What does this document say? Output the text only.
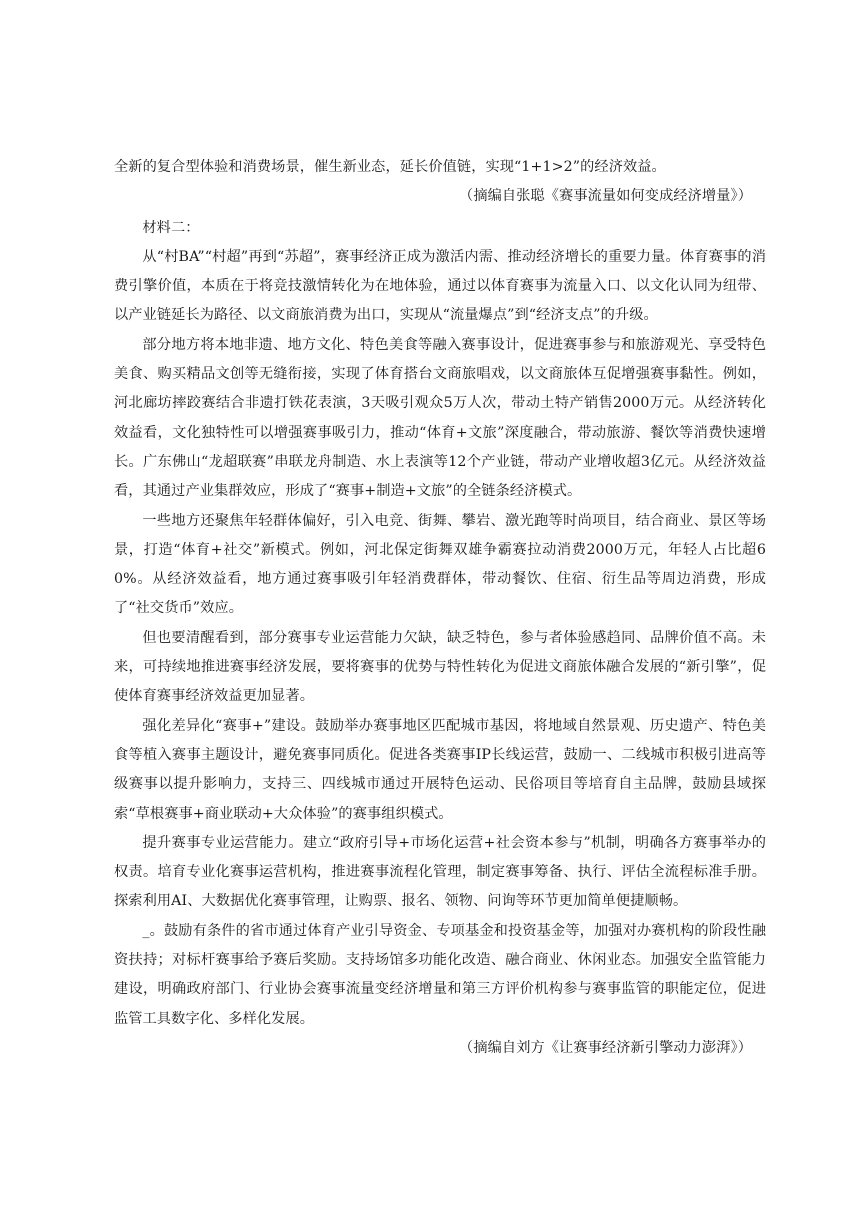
全新的复合型体验和消费场景，催生新业态，延长价值链，实现“1+1>2”的经济效益。

（摘编自张聪《赛事流量如何变成经济增量》）

材料二：

从“村BA”“村超”再到“苏超”，赛事经济正成为激活内需、推动经济增长的重要力量。体育赛事的消费引擎价值，本质在于将竞技激情转化为在地体验，通过以体育赛事为流量入口、以文化认同为纽带、以产业链延长为路径、以文商旅消费为出口，实现从“流量爆点”到“经济支点”的升级。

部分地方将本地非遗、地方文化、特色美食等融入赛事设计，促进赛事参与和旅游观光、享受特色美食、购买精品文创等无缝衔接，实现了体育搭台文商旅唱戏，以文商旅体互促增强赛事黏性。例如，河北廊坊摔跤赛结合非遗打铁花表演，3天吸引观众5万人次，带动土特产销售2000万元。从经济转化效益看，文化独特性可以增强赛事吸引力，推动“体育+文旅”深度融合，带动旅游、餐饮等消费快速增长。广东佛山“龙超联赛”串联龙舟制造、水上表演等12个产业链，带动产业增收超3亿元。从经济效益看，其通过产业集群效应，形成了“赛事+制造+文旅”的全链条经济模式。

一些地方还聚焦年轻群体偏好，引入电竞、街舞、攀岩、激光跑等时尚项目，结合商业、景区等场景，打造“体育+社交”新模式。例如，河北保定街舞双雄争霸赛拉动消费2000万元，年轻人占比超60%。从经济效益看，地方通过赛事吸引年轻消费群体，带动餐饮、住宿、衍生品等周边消费，形成了“社交货币”效应。

但也要清醒看到，部分赛事专业运营能力欠缺，缺乏特色，参与者体验感趋同、品牌价值不高。未来，可持续地推进赛事经济发展，要将赛事的优势与特性转化为促进文商旅体融合发展的“新引擎”，促使体育赛事经济效益更加显著。

强化差异化“赛事+”建设。鼓励举办赛事地区匹配城市基因，将地域自然景观、历史遗产、特色美食等植入赛事主题设计，避免赛事同质化。促进各类赛事IP长线运营，鼓励一、二线城市积极引进高等级赛事以提升影响力，支持三、四线城市通过开展特色运动、民俗项目等培育自主品牌，鼓励县域探索“草根赛事+商业联动+大众体验”的赛事组织模式。

提升赛事专业运营能力。建立“政府引导+市场化运营+社会资本参与”机制，明确各方赛事举办的权责。培育专业化赛事运营机构，推进赛事流程化管理，制定赛事筹备、执行、评估全流程标准手册。探索利用AI、大数据优化赛事管理，让购票、报名、领物、问询等环节更加简单便捷顺畅。

_。鼓励有条件的省市通过体育产业引导资金、专项基金和投资基金等，加强对办赛机构的阶段性融资扶持；对标杆赛事给予赛后奖励。支持场馆多功能化改造、融合商业、休闲业态。加强安全监管能力建设，明确政府部门、行业协会赛事流量变经济增量和第三方评价机构参与赛事监管的职能定位，促进监管工具数字化、多样化发展。

（摘编自刘方《让赛事经济新引擎动力澎湃》）
